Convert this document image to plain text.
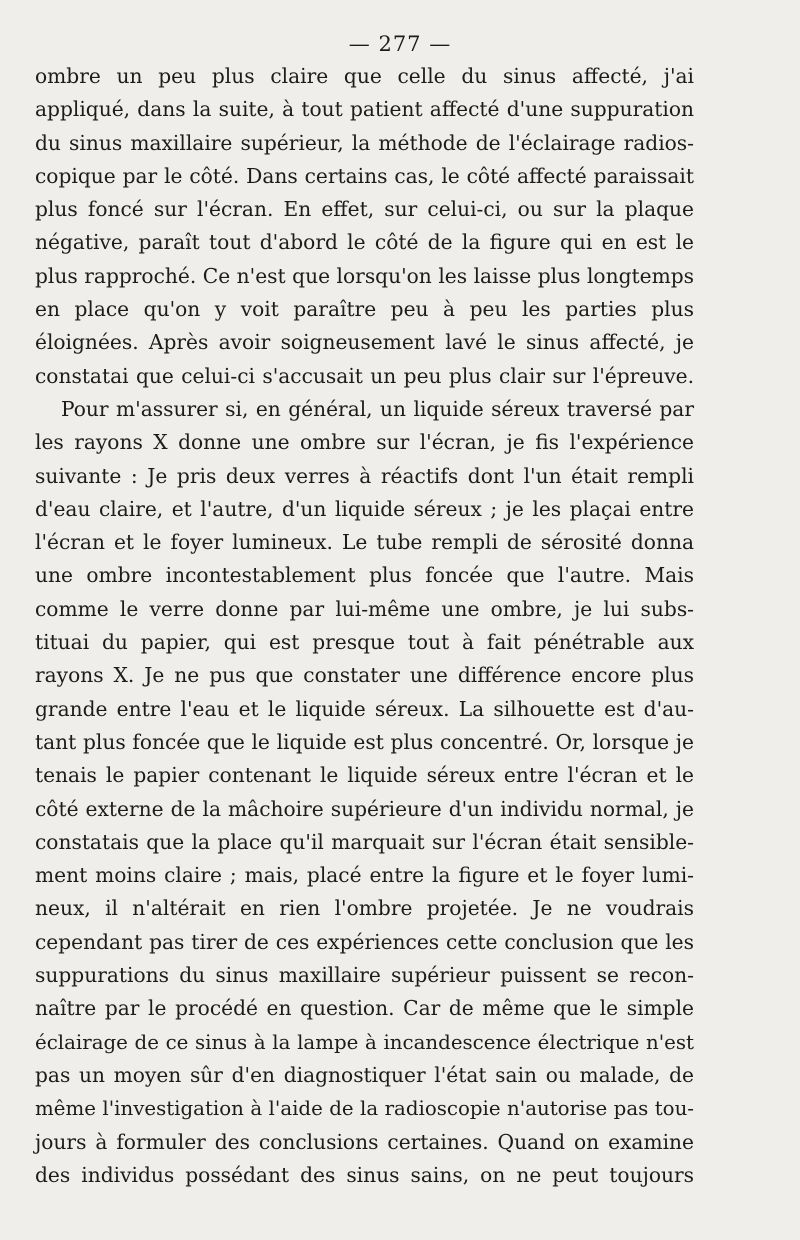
— 277 —
ombre un peu plus claire que celle du sinus affecté, j'ai
appliqué, dans la suite, à tout patient affecté d'une suppuration
du sinus maxillaire supérieur, la méthode de l'éclairage radios-
copique par le côté. Dans certains cas, le côté affecté paraissait
plus foncé sur l'écran. En effet, sur celui-ci, ou sur la plaque
négative, paraît tout d'abord le côté de la figure qui en est le
plus rapproché. Ce n'est que lorsqu'on les laisse plus longtemps
en place qu'on y voit paraître peu à peu les parties plus
éloignées. Après avoir soigneusement lavé le sinus affecté, je
constatai que celui-ci s'accusait un peu plus clair sur l'épreuve.
Pour m'assurer si, en général, un liquide séreux traversé par
les rayons X donne une ombre sur l'écran, je fis l'expérience
suivante : Je pris deux verres à réactifs dont l'un était rempli
d'eau claire, et l'autre, d'un liquide séreux ; je les plaçai entre
l'écran et le foyer lumineux. Le tube rempli de sérosité donna
une ombre incontestablement plus foncée que l'autre. Mais
comme le verre donne par lui-même une ombre, je lui subs-
tituai du papier, qui est presque tout à fait pénétrable aux
rayons X. Je ne pus que constater une différence encore plus
grande entre l'eau et le liquide séreux. La silhouette est d'au-
tant plus foncée que le liquide est plus concentré. Or, lorsque je
tenais le papier contenant le liquide séreux entre l'écran et le
côté externe de la mâchoire supérieure d'un individu normal, je
constatais que la place qu'il marquait sur l'écran était sensible-
ment moins claire ; mais, placé entre la figure et le foyer lumi-
neux, il n'altérait en rien l'ombre projetée. Je ne voudrais
cependant pas tirer de ces expériences cette conclusion que les
suppurations du sinus maxillaire supérieur puissent se recon-
naître par le procédé en question. Car de même que le simple
éclairage de ce sinus à la lampe à incandescence électrique n'est
pas un moyen sûr d'en diagnostiquer l'état sain ou malade, de
même l'investigation à l'aide de la radioscopie n'autorise pas tou-
jours à formuler des conclusions certaines. Quand on examine
des individus possédant des sinus sains, on ne peut toujours
